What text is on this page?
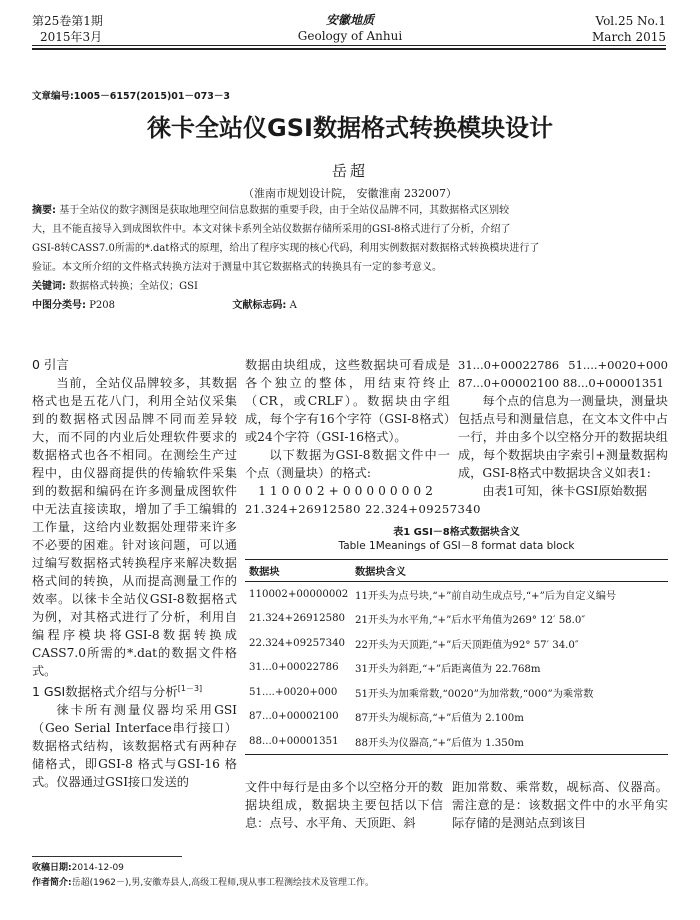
第25卷第1期
2015年3月
安徽地质
Geology of Anhui
Vol.25 No.1
March 2015
文章编号:1005－6157(2015)01－073－3
徕卡全站仪GSI数据格式转换模块设计
岳超
（淮南市规划设计院， 安徽淮南 232007）
摘要: 基于全站仪的数字测图是获取地理空间信息数据的重要手段，由于全站仪品牌不同，其数据格式区别较
大，且不能直接导入到成图软件中。本文对徕卡系列全站仪数据存储所采用的GSI-8格式进行了分析，介绍了
GSI-8转CASS7.0所需的*.dat格式的原理，给出了程序实现的核心代码，利用实例数据对数据格式转换模块进行了
验证。本文所介绍的文件格式转换方法对于测量中其它数据格式的转换具有一定的参考意义。
关键词: 数据格式转换；全站仪；GSI
中图分类号: P208	文献标志码: A
0 引言

当前，全站仪品牌较多，其数据格式也是五花八门，利用全站仪采集到的数据格式因品牌不同而差异较大，而不同的内业后处理软件要求的数据格式也各不相同。在测绘生产过程中，由仪器商提供的传输软件采集到的数据和编码在许多测量成图软件中无法直接读取，增加了手工编辑的工作量，这给内业数据处理带来许多不必要的困难。针对该问题，可以通过编写数据格式转换程序来解决数据格式间的转换，从而提高测量工作的效率。以徕卡全站仪GSI-8数据格式为例，对其格式进行了分析，利用自编程序模块将GSI-8数据转换成CASS7.0所需的*.dat的数据文件格式。

1 GSI数据格式介绍与分析[1－3]

徕卡所有测量仪器均采用GSI（Geo Serial Interface串行接口）数据格式结构，该数据格式有两种存储格式，即GSI-8 格式与GSI-16 格式。仪器通过GSI接口发送的

数据由块组成，这些数据块可看成是各个独立的整体，用结束符终止（CR，或CRLF）。数据块由字组成，每个字有16个字符（GSI-8格式）或24个字符（GSI-16格式）。

以下数据为GSI-8数据文件中一个点（测量块）的格式:

110002+00000002
21.324+26912580 22.324+09257340

31...0+00022786 51....+0020+000 87...0+00002100 88...0+00001351

每个点的信息为一测量块，测量块包括点号和测量信息，在文本文件中占一行，并由多个以空格分开的数据块组成，每个数据块由字索引+测量数据构成，GSI-8格式中数据块含义如表1:

由表1可知，徕卡GSI原始数据

表1 GSI－8格式数据块含义
Table 1Meanings of GSI－8 format data block
数据块	数据块含义
110002+00000002	11开头为点号块,“+”前自动生成点号,“+”后为自定义编号
21.324+26912580	21开头为水平角,“+”后水平角值为269° 12′ 58.0″
22.324+09257340	22开头为天顶距,“+”后天顶距值为92° 57′ 34.0″
31...0+00022786	31开头为斜距,“+”后距离值为 22.768m
51....+0020+000	51开头为加乘常数,“0020”为加常数,“000”为乘常数
87...0+00002100	87开头为觇标高,“+”后值为 2.100m
88...0+00001351	88开头为仪器高,“+”后值为 1.350m

文件中每行是由多个以空格分开的数据块组成，数据块主要包括以下信息：点号、水平角、天顶距、斜

距加常数、乘常数，觇标高、仪器高。需注意的是：该数据文件中的水平角实际存储的是测站点到该目

收稿日期:2014-12-09
作者简介:岳超(1962－),男,安徽寿县人,高级工程师,现从事工程测绘技术及管理工作。
